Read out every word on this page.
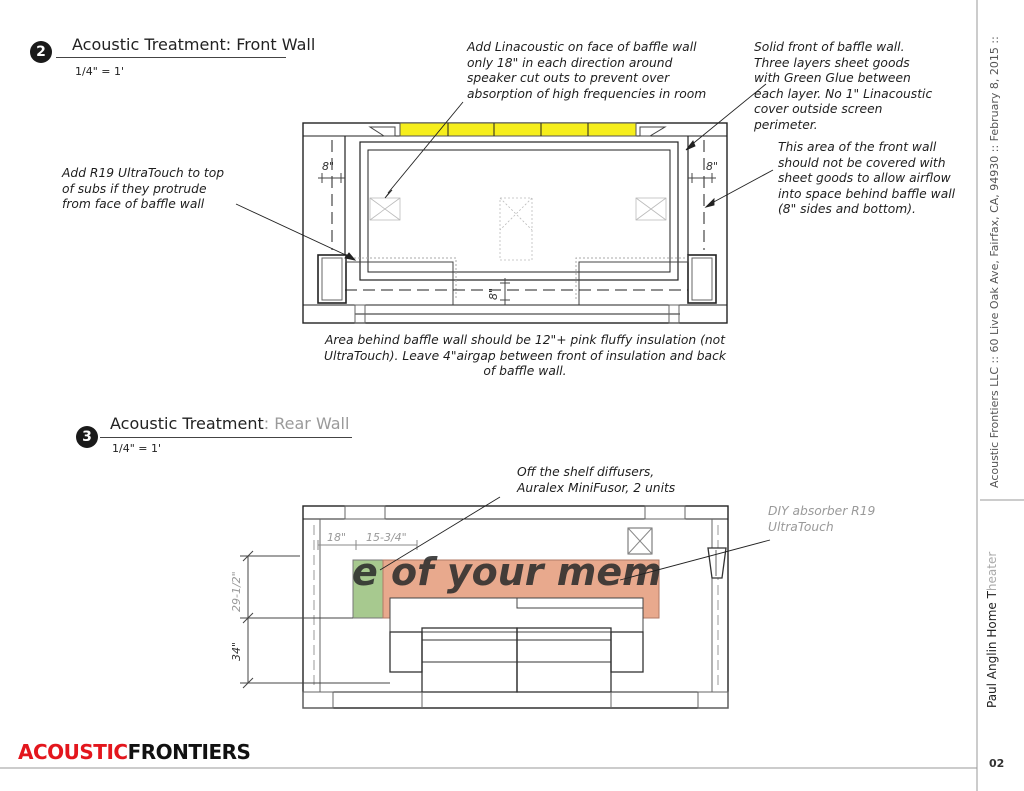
2	Acoustic Treatment: Front Wall
1/4" = 1'
3
Acoustic Treatment: Rear Wall
1/4" = 1'
8"	8"
8"
e of your mem
18" 15-3/4"
29-1/2"
34"
Add Linacoustic on face of baffle wall
only 18" in each direction around
speaker cut outs to prevent over
absorption of high frequencies in room
Solid front of baffle wall.
Three layers sheet goods
with Green Glue between
each layer. No 1" Linacoustic
cover outside screen
perimeter.
This area of the front wall
should not be covered with
sheet goods to allow airflow
into space behind baffle wall
(8" sides and bottom).
Add R19 UltraTouch to top
of subs if they protrude
from face of baffle wall
Area behind baffle wall should be 12"+ pink fluffy insulation (not
UltraTouch). Leave 4"airgap between front of insulation and back
of baffle wall.
Off the shelf diffusers,
Auralex MiniFusor, 2 units
DIY absorber R19
UltraTouch
Acoustic Frontiers LLC :: 60 Live Oak Ave, Fairfax, CA, 94930 :: February 8, 2015 ::
Paul Anglin Home Theater
02
ACOUSTICFRONTIERS
